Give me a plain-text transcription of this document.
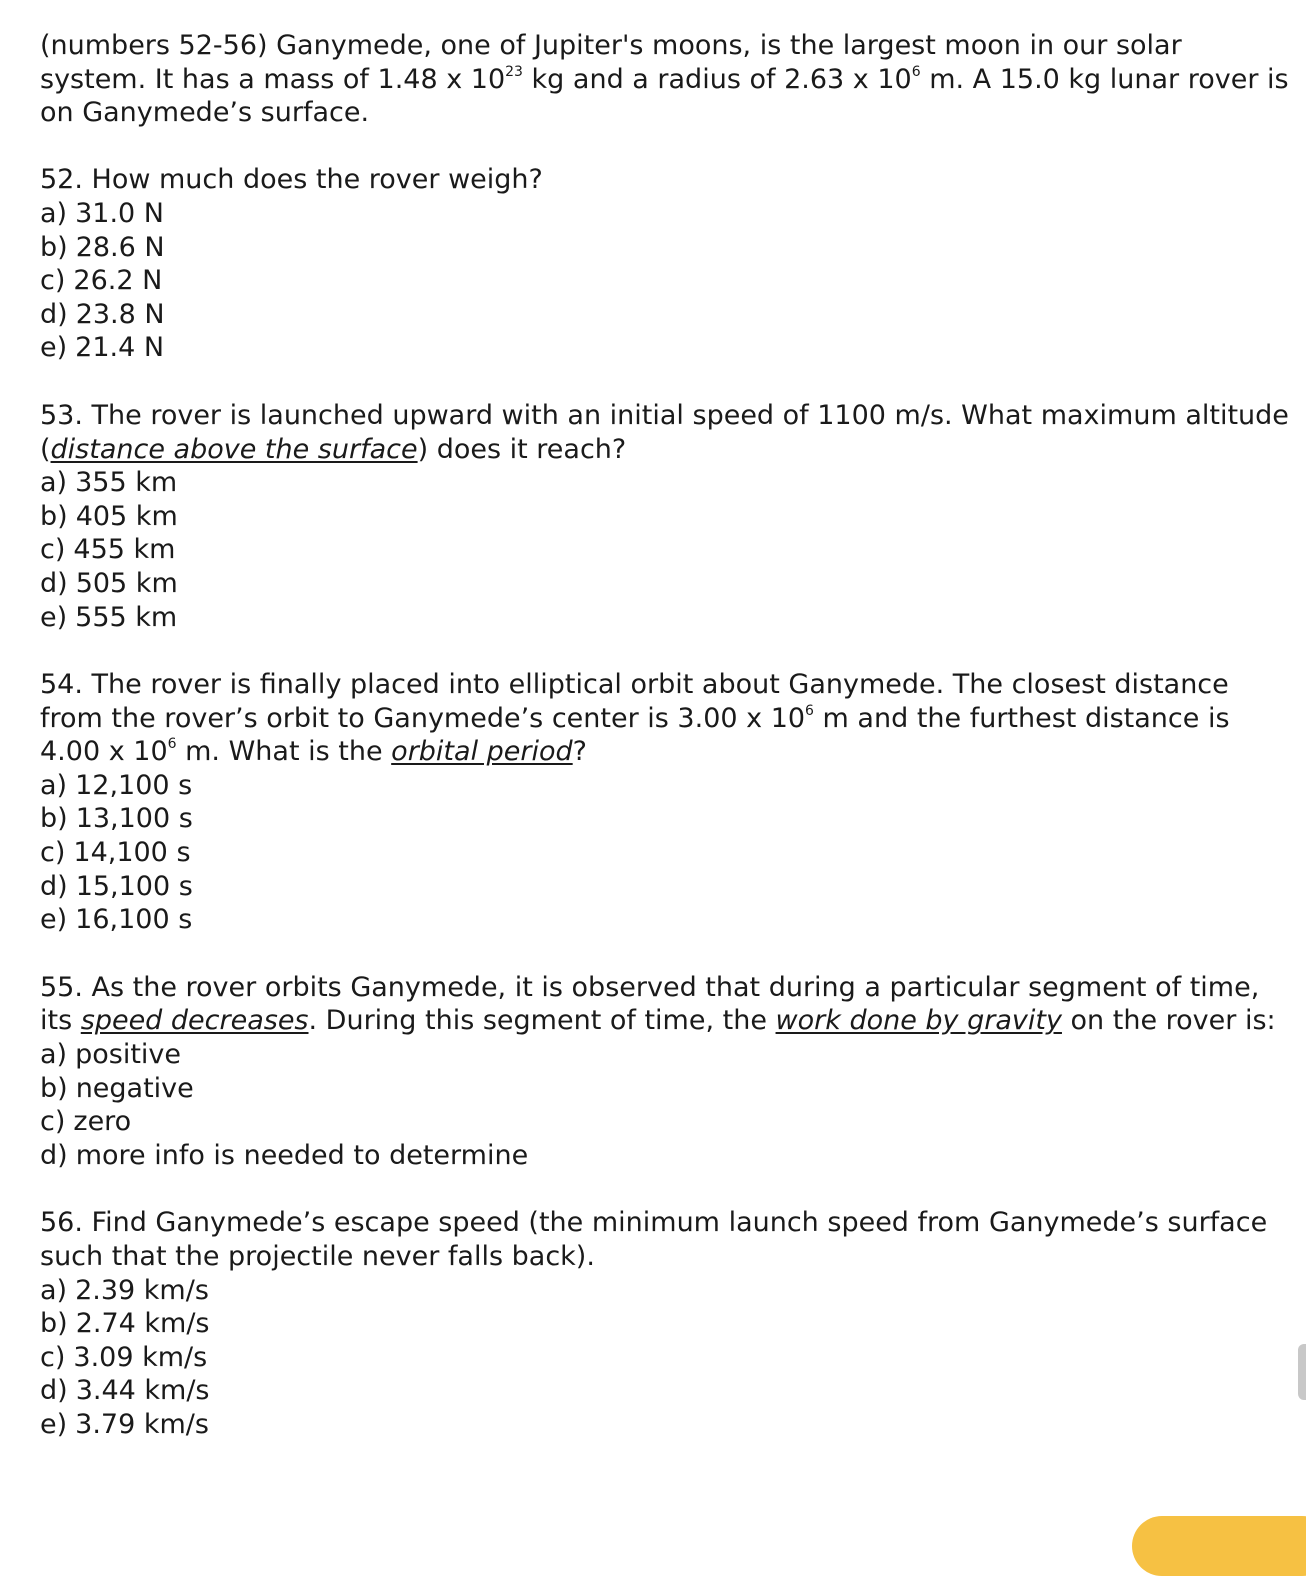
(numbers 52-56) Ganymede, one of Jupiter's moons, is the largest moon in our solar system. It has a mass of 1.48 x $10^{23}$ kg and a radius of 2.63 x $10^6$ m. A 15.0 kg lunar rover is on Ganymede’s surface.

52. How much does the rover weigh?

a) 31.0 N
b) 28.6 N
c) 26.2 N
d) 23.8 N
e) 21.4 N

53. The rover is launched upward with an initial speed of 1100 m/s. What maximum altitude (distance above the surface) does it reach?

a) 355 km
b) 405 km
c) 455 km
d) 505 km
e) 555 km

54. The rover is finally placed into elliptical orbit about Ganymede. The closest distance from the rover’s orbit to Ganymede’s center is 3.00 x $10^6$ m and the furthest distance is 4.00 x $10^6$ m. What is the orbital period?

a) 12,100 s
b) 13,100 s
c) 14,100 s
d) 15,100 s
e) 16,100 s

55. As the rover orbits Ganymede, it is observed that during a particular segment of time, its speed decreases. During this segment of time, the work done by gravity on the rover is:

a) positive
b) negative
c) zero
d) more info is needed to determine

56. Find Ganymede’s escape speed (the minimum launch speed from Ganymede’s surface such that the projectile never falls back).

a) 2.39 km/s
b) 2.74 km/s
c) 3.09 km/s
d) 3.44 km/s
e) 3.79 km/s
